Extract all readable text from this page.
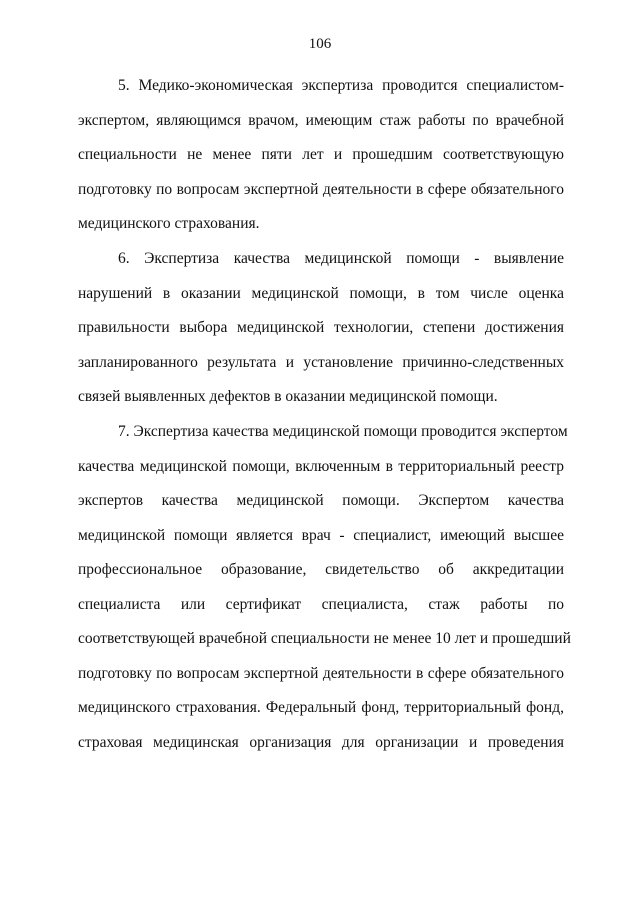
106
5. Медико-экономическая экспертиза проводится специалистом-
экспертом, являющимся врачом, имеющим стаж работы по врачебной
специальности не менее пяти лет и прошедшим соответствующую
подготовку по вопросам экспертной деятельности в сфере обязательного
медицинского страхования.
6. Экспертиза качества медицинской помощи - выявление
нарушений в оказании медицинской помощи, в том числе оценка
правильности выбора медицинской технологии, степени достижения
запланированного результата и установление причинно-следственных
связей выявленных дефектов в оказании медицинской помощи.
7. Экспертиза качества медицинской помощи проводится экспертом
качества медицинской помощи, включенным в территориальный реестр
экспертов качества медицинской помощи. Экспертом качества
медицинской помощи является врач - специалист, имеющий высшее
профессиональное образование, свидетельство об аккредитации
специалиста или сертификат специалиста, стаж работы по
соответствующей врачебной специальности не менее 10 лет и прошедший
подготовку по вопросам экспертной деятельности в сфере обязательного
медицинского страхования. Федеральный фонд, территориальный фонд,
страховая медицинская организация для организации и проведения
